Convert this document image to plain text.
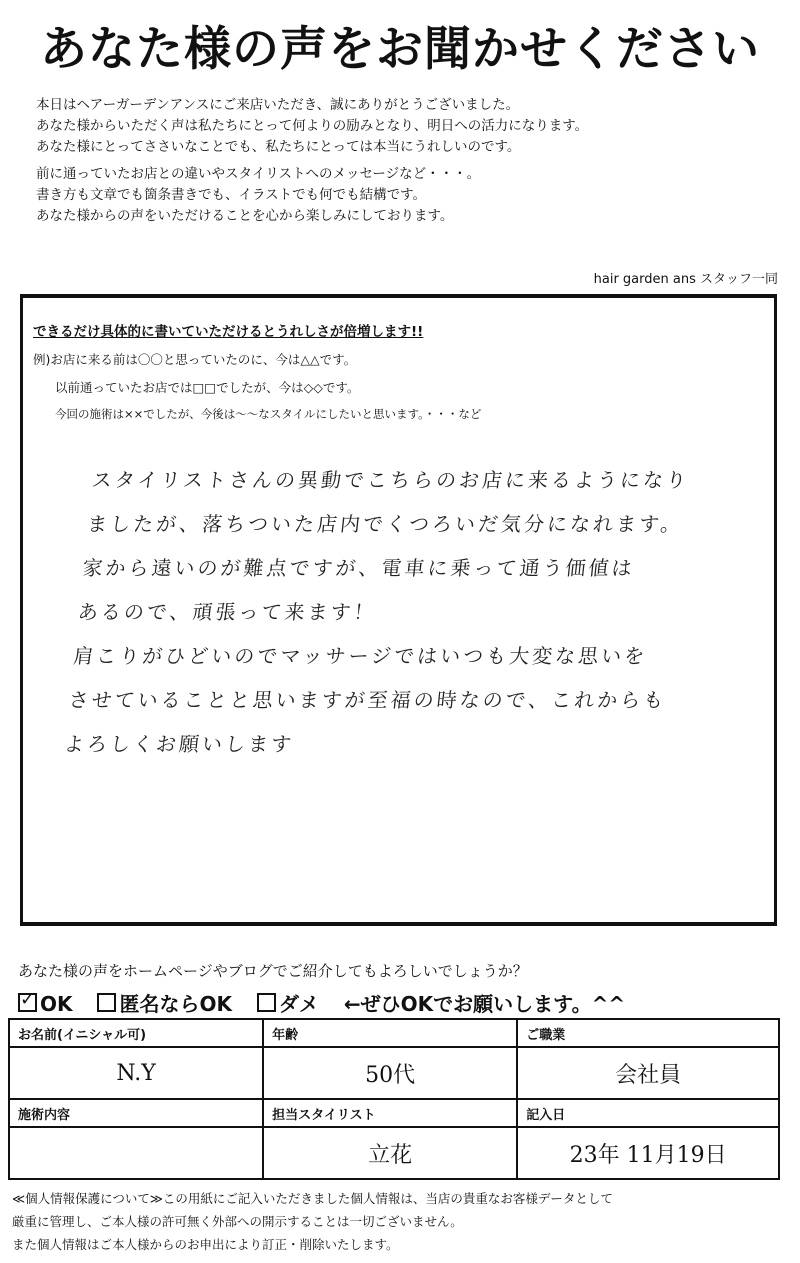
あなた様の声をお聞かせください
本日はヘアーガーデンアンスにご来店いただき、誠にありがとうございました。
あなた様からいただく声は私たちにとって何よりの励みとなり、明日への活力になります。
あなた様にとってささいなことでも、私たちにとっては本当にうれしいのです。
前に通っていたお店との違いやスタイリストへのメッセージなど・・・。
書き方も文章でも箇条書きでも、イラストでも何でも結構です。
あなた様からの声をいただけることを心から楽しみにしております。
hair garden ans スタッフ一同
できるだけ具体的に書いていただけるとうれしさが倍増します!!
例)お店に来る前は〇〇と思っていたのに、今は△△です。
以前通っていたお店では□□でしたが、今は◇◇です。
今回の施術は××でしたが、今後は～～なスタイルにしたいと思います。・・・など
スタイリストさんの異動でこちらのお店に来るようになり
ましたが、落ちついた店内でくつろいだ気分になれます。
家から遠いのが難点ですが、電車に乗って通う価値は
あるので、頑張って来ます！
肩こりがひどいのでマッサージではいつも大変な思いを
させていることと思いますが至福の時なので、これからも
よろしくお願いします
あなた様の声をホームページやブログでご紹介してもよろしいでしょうか？
✓OK 匿名ならOK ダメ ←ぜひOKでお願いします。^^
お名前(イニシャル可)	年齢	ご職業
N.Y	50代	会社員
施術内容	担当スタイリスト	記入日
	立花	23年 11月19日
≪個人情報保護について≫この用紙にご記入いただきました個人情報は、当店の貴重なお客様データとして
厳重に管理し、ご本人様の許可無く外部への開示することは一切ございません。
また個人情報はご本人様からのお申出により訂正・削除いたします。
